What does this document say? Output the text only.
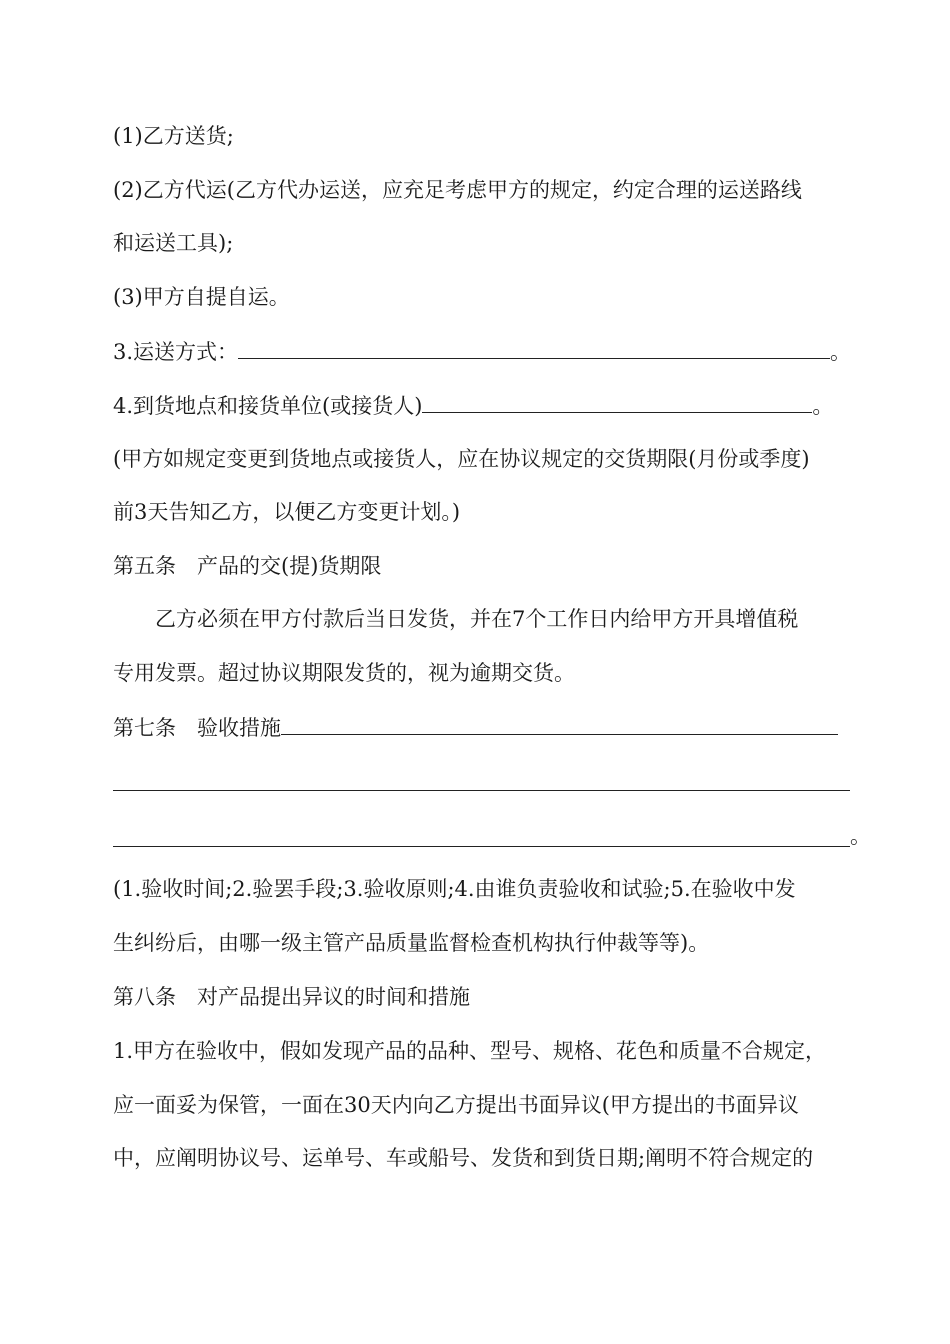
(1)乙方送货;
(2)乙方代运(乙方代办运送，应充足考虑甲方的规定，约定合理的运送路线
和运送工具);
(3)甲方自提自运。
3.运送方式：	。
4.到货地点和接货单位(或接货人)	。
(甲方如规定变更到货地点或接货人，应在协议规定的交货期限(月份或季度)
前3天告知乙方，以便乙方变更计划。)
第五条　产品的交(提)货期限
乙方必须在甲方付款后当日发货，并在7个工作日内给甲方开具增值税
专用发票。超过协议期限发货的，视为逾期交货。
第七条　验收措施
。
(1.验收时间;2.验罢手段;3.验收原则;4.由谁负责验收和试验;5.在验收中发
生纠纷后，由哪一级主管产品质量监督检查机构执行仲裁等等)。
第八条　对产品提出异议的时间和措施
1.甲方在验收中，假如发现产品的品种、型号、规格、花色和质量不合规定，
应一面妥为保管，一面在30天内向乙方提出书面异议(甲方提出的书面异议
中，应阐明协议号、运单号、车或船号、发货和到货日期;阐明不符合规定的
